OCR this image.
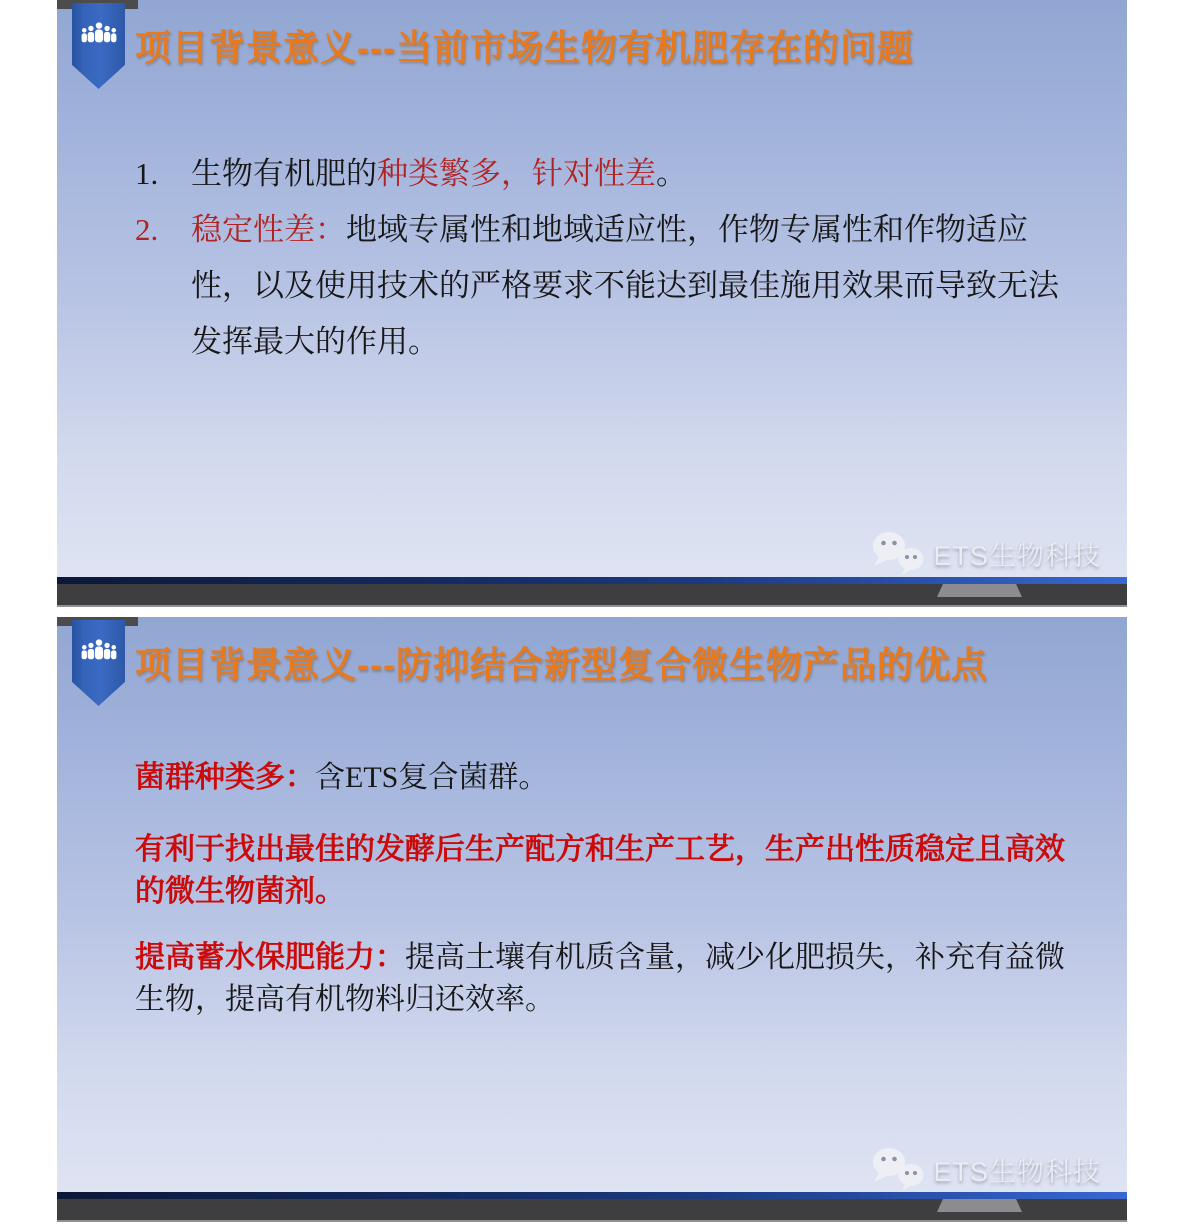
项目背景意义---当前市场生物有机肥存在的问题
1.	生物有机肥的种类繁多，针对性差。
2.	稳定性差：地域专属性和地域适应性，作物专属性和作物适应性，以及使用技术的严格要求不能达到最佳施用效果而导致无法发挥最大的作用。
ETS生物科技
项目背景意义---防抑结合新型复合微生物产品的优点

菌群种类多：含ETS复合菌群。

有利于找出最佳的发酵后生产配方和生产工艺，生产出性质稳定且高效的微生物菌剂。

提高蓄水保肥能力：提高土壤有机质含量，减少化肥损失，补充有益微生物，提高有机物料归还效率。

ETS生物科技
